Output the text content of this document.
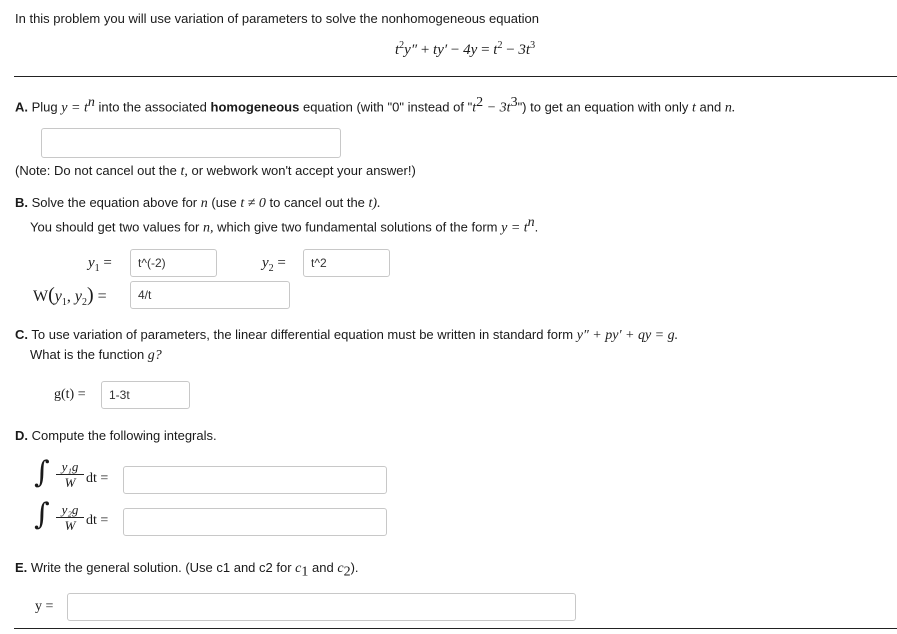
In this problem you will use variation of parameters to solve the nonhomogeneous equation
$t^2y'' + ty' - 4y = t^2 - 3t^3$
A. Plug $y = t^n$ into the associated homogeneous equation (with "0" instead of "$t^2$ − $3t^3$") to get an equation with only t and n.
(Note: Do not cancel out the t, or webwork won't accept your answer!)
B. Solve the equation above for n (use t ≠ 0 to cancel out the t).
You should get two values for n, which give two fundamental solutions of the form $y = t^n$.
$y_1$ =	t^(-2)	$y_2$ =	t^2
$W(y_1$, $y_2$) =	4/t
C. To use variation of parameters, the linear differential equation must be written in standard form y″ + py′ + qy = g.
What is the function g?
g(t) =	1-3t
D. Compute the following integrals.
∫ $\frac{\text{y₁g}}{W}$ dt =
∫ $\frac{\text{y₂g}}{W}$ dt =
E. Write the general solution. (Use c1 and c2 for $c_1$ and $c_2$).
y =
